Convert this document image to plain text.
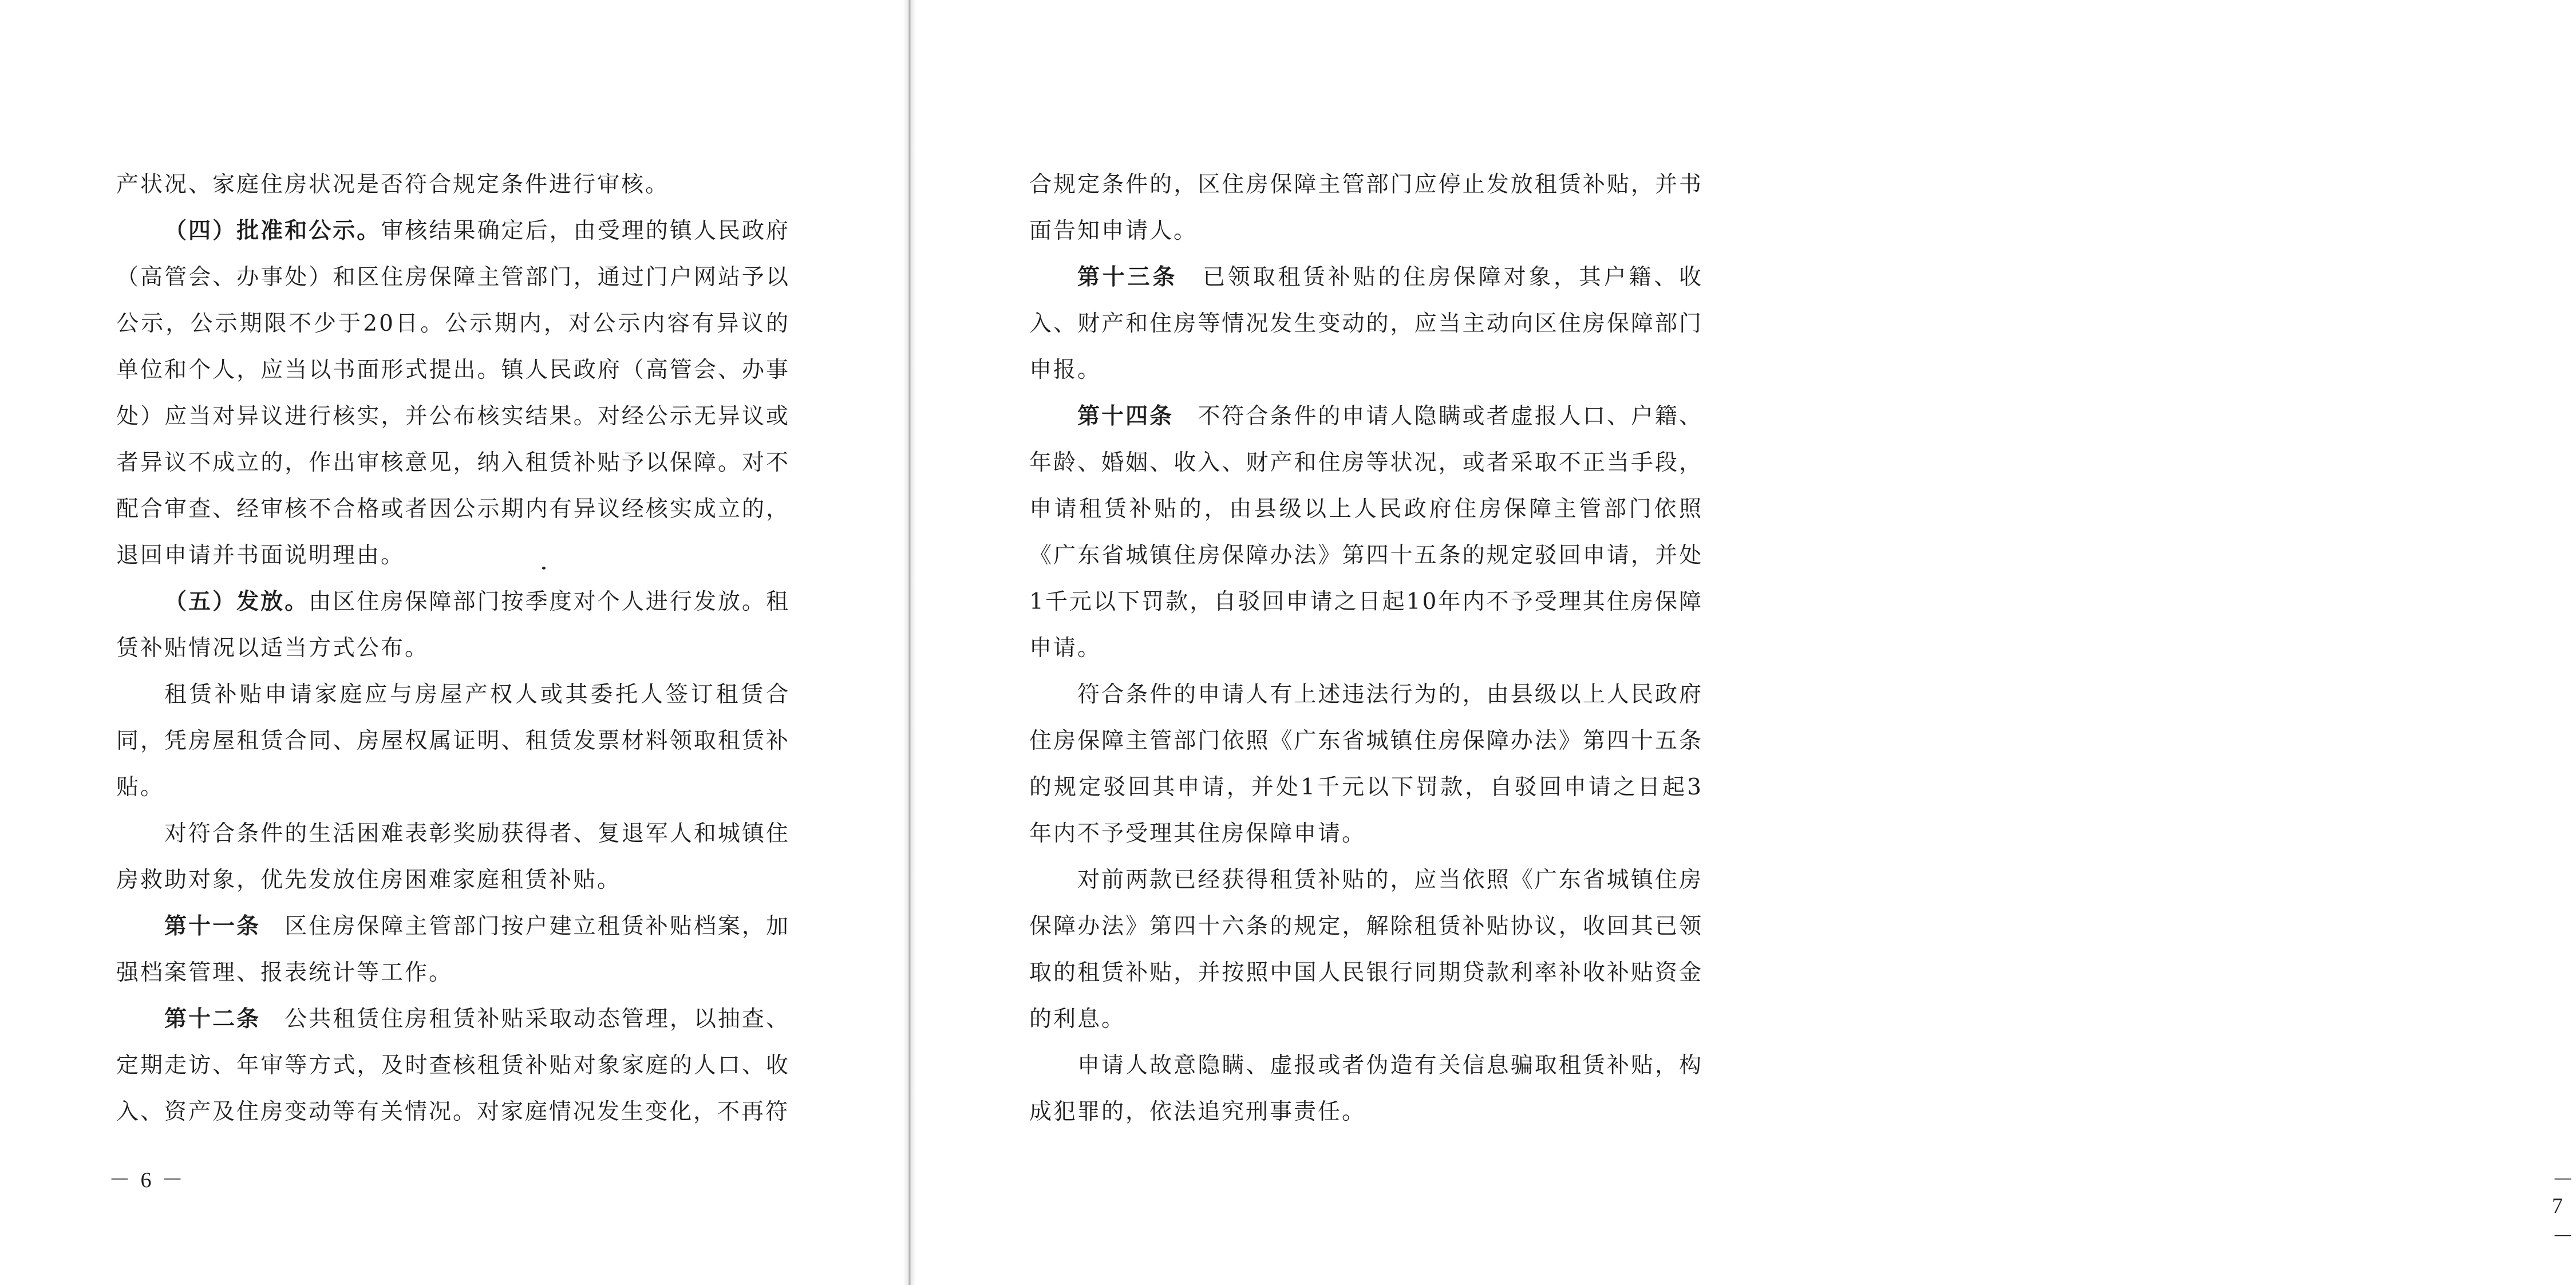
产状况、家庭住房状况是否符合规定条件进行审核。

（四）批准和公示。审核结果确定后，由受理的镇人民政府（高管会、办事处）和区住房保障主管部门，通过门户网站予以公示，公示期限不少于20日。公示期内，对公示内容有异议的单位和个人，应当以书面形式提出。镇人民政府（高管会、办事处）应当对异议进行核实，并公布核实结果。对经公示无异议或者异议不成立的，作出审核意见，纳入租赁补贴予以保障。对不配合审查、经审核不合格或者因公示期内有异议经核实成立的，退回申请并书面说明理由。

（五）发放。由区住房保障部门按季度对个人进行发放。租赁补贴情况以适当方式公布。

租赁补贴申请家庭应与房屋产权人或其委托人签订租赁合同，凭房屋租赁合同、房屋权属证明、租赁发票材料领取租赁补贴。

对符合条件的生活困难表彰奖励获得者、复退军人和城镇住房救助对象，优先发放住房困难家庭租赁补贴。

第十一条　区住房保障主管部门按户建立租赁补贴档案，加强档案管理、报表统计等工作。

第十二条　公共租赁住房租赁补贴采取动态管理，以抽查、定期走访、年审等方式，及时查核租赁补贴对象家庭的人口、收入、资产及住房变动等有关情况。对家庭情况发生变化，不再符

－ 6 －	－ 7 －

合规定条件的，区住房保障主管部门应停止发放租赁补贴，并书面告知申请人。

第十三条　已领取租赁补贴的住房保障对象，其户籍、收入、财产和住房等情况发生变动的，应当主动向区住房保障部门申报。

第十四条　不符合条件的申请人隐瞒或者虚报人口、户籍、年龄、婚姻、收入、财产和住房等状况，或者采取不正当手段，申请租赁补贴的，由县级以上人民政府住房保障主管部门依照《广东省城镇住房保障办法》第四十五条的规定驳回申请，并处1千元以下罚款，自驳回申请之日起10年内不予受理其住房保障申请。

符合条件的申请人有上述违法行为的，由县级以上人民政府住房保障主管部门依照《广东省城镇住房保障办法》第四十五条的规定驳回其申请，并处1千元以下罚款，自驳回申请之日起3年内不予受理其住房保障申请。

对前两款已经获得租赁补贴的，应当依照《广东省城镇住房保障办法》第四十六条的规定，解除租赁补贴协议，收回其已领取的租赁补贴，并按照中国人民银行同期贷款利率补收补贴资金的利息。

申请人故意隐瞒、虚报或者伪造有关信息骗取租赁补贴，构成犯罪的，依法追究刑事责任。
